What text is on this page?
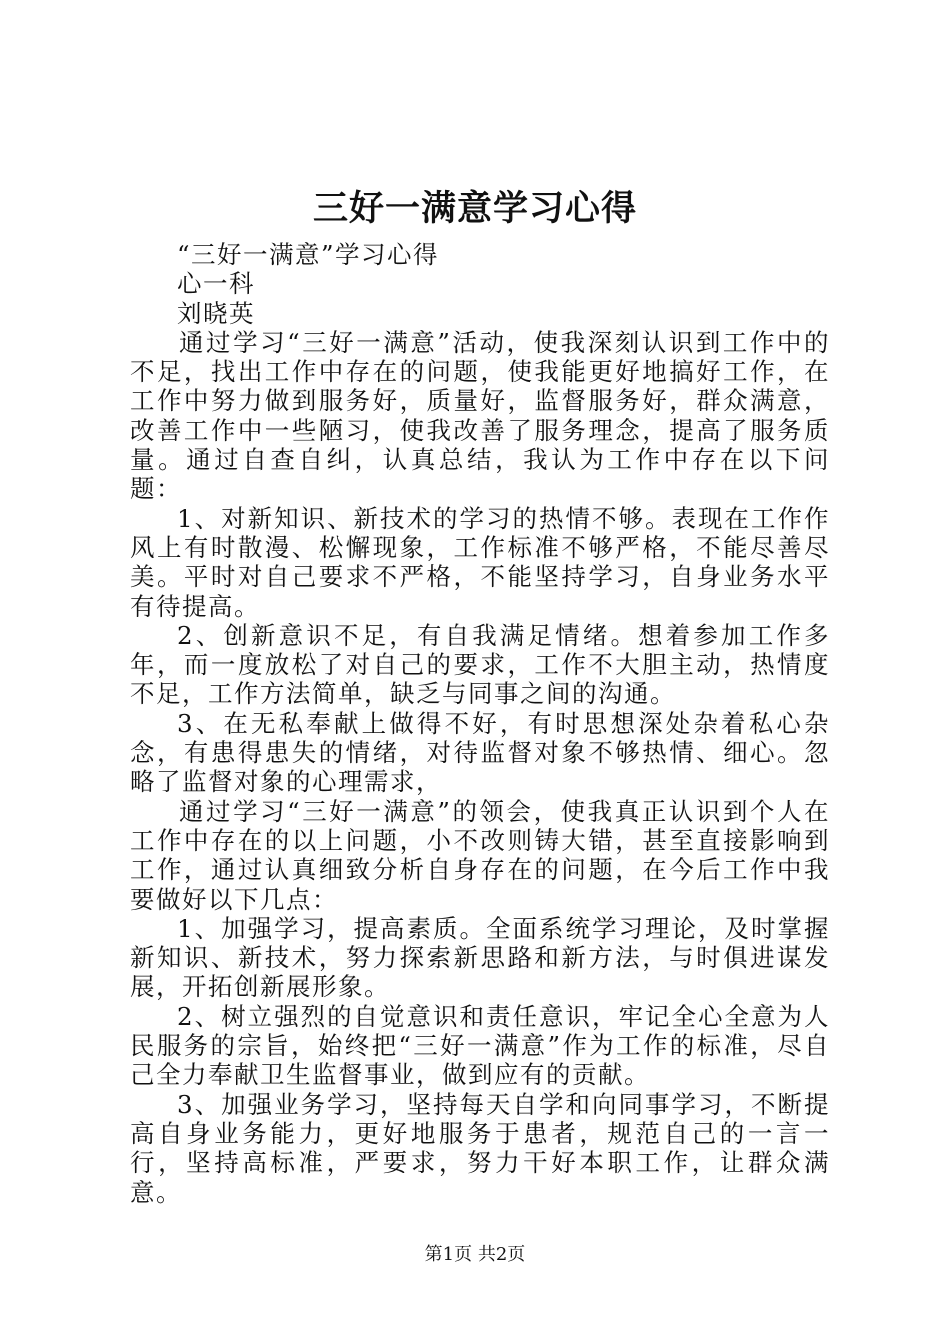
三好一满意学习心得

“三好一满意”学习心得

心一科

刘晓英

通过学习“三好一满意”活动，使我深刻认识到工作中的不足，找出工作中存在的问题，使我能更好地搞好工作，在工作中努力做到服务好，质量好，监督服务好，群众满意，改善工作中一些陋习，使我改善了服务理念，提高了服务质量。通过自查自纠，认真总结，我认为工作中存在以下问题：

1、对新知识、新技术的学习的热情不够。表现在工作作风上有时散漫、松懈现象，工作标准不够严格，不能尽善尽美。平时对自己要求不严格，不能坚持学习，自身业务水平有待提高。

2、创新意识不足，有自我满足情绪。想着参加工作多年，而一度放松了对自己的要求，工作不大胆主动，热情度不足，工作方法简单，缺乏与同事之间的沟通。

3、在无私奉献上做得不好，有时思想深处杂着私心杂念，有患得患失的情绪，对待监督对象不够热情、细心。忽略了监督对象的心理需求，

通过学习“三好一满意”的领会，使我真正认识到个人在工作中存在的以上问题，小不改则铸大错，甚至直接影响到工作，通过认真细致分析自身存在的问题，在今后工作中我要做好以下几点：

1、加强学习，提高素质。全面系统学习理论，及时掌握新知识、新技术，努力探索新思路和新方法，与时俱进谋发展，开拓创新展形象。

2、树立强烈的自觉意识和责任意识，牢记全心全意为人民服务的宗旨，始终把“三好一满意”作为工作的标准，尽自己全力奉献卫生监督事业，做到应有的贡献。

3、加强业务学习，坚持每天自学和向同事学习，不断提高自身业务能力，更好地服务于患者，规范自己的一言一行，坚持高标准，严要求，努力干好本职工作，让群众满意。

第1页 共2页
